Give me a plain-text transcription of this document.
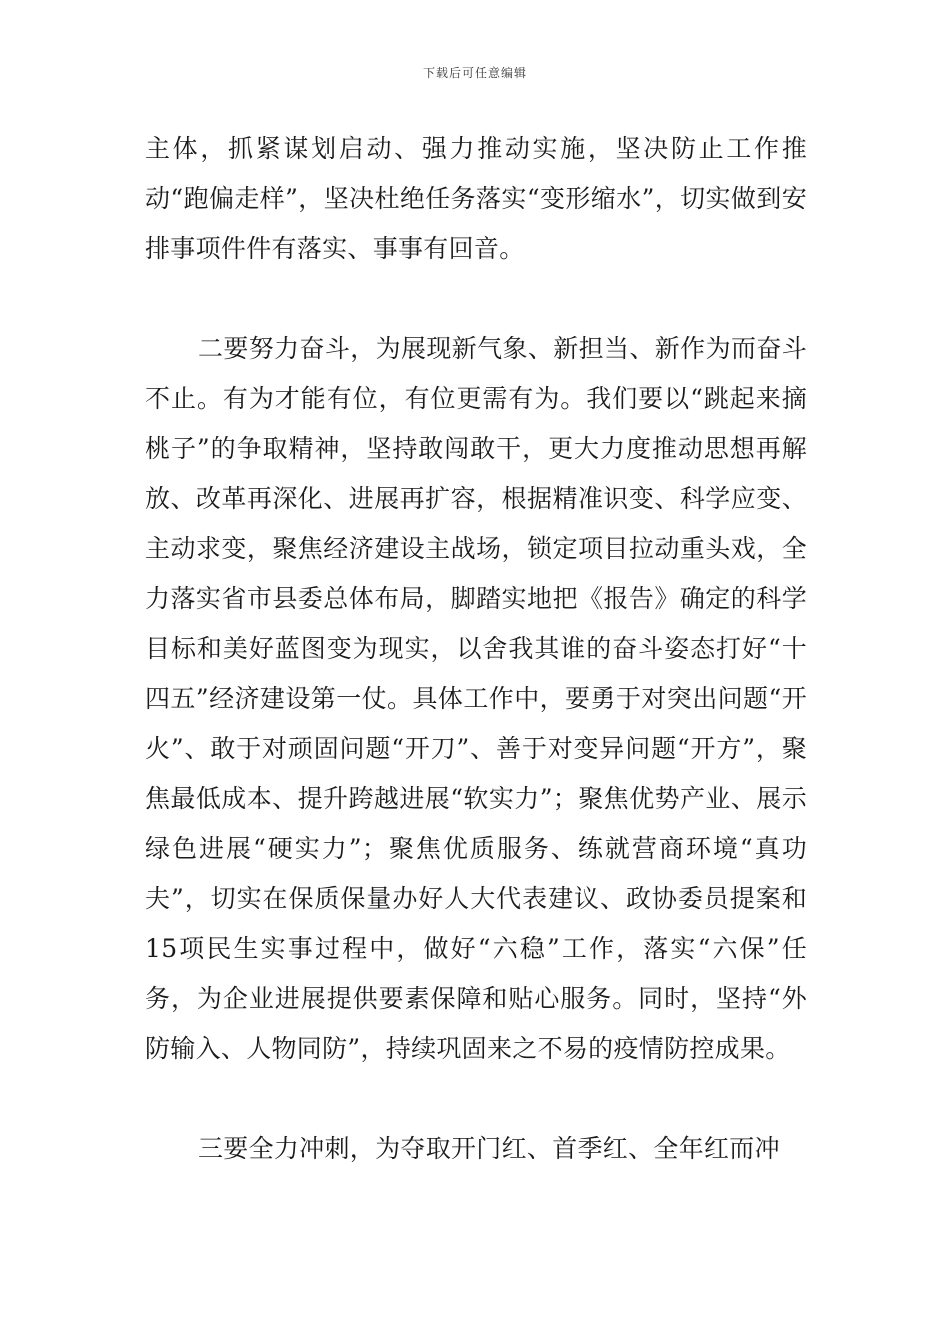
下载后可任意编辑

主体，抓紧谋划启动、强力推动实施，坚决防止工作推动“跑偏走样”，坚决杜绝任务落实“变形缩水”，切实做到安排事项件件有落实、事事有回音。

二要努力奋斗，为展现新气象、新担当、新作为而奋斗不止。有为才能有位，有位更需有为。我们要以“跳起来摘桃子”的争取精神，坚持敢闯敢干，更大力度推动思想再解放、改革再深化、进展再扩容，根据精准识变、科学应变、主动求变，聚焦经济建设主战场，锁定项目拉动重头戏，全力落实省市县委总体布局，脚踏实地把《报告》确定的科学目标和美好蓝图变为现实，以舍我其谁的奋斗姿态打好“十四五”经济建设第一仗。具体工作中，要勇于对突出问题“开火”、敢于对顽固问题“开刀”、善于对变异问题“开方”，聚焦最低成本、提升跨越进展“软实力”；聚焦优势产业、展示绿色进展“硬实力”；聚焦优质服务、练就营商环境“真功夫”，切实在保质保量办好人大代表建议、政协委员提案和15项民生实事过程中，做好“六稳”工作，落实“六保”任务，为企业进展提供要素保障和贴心服务。同时，坚持“外防输入、人物同防”，持续巩固来之不易的疫情防控成果。

三要全力冲刺，为夺取开门红、首季红、全年红而冲
